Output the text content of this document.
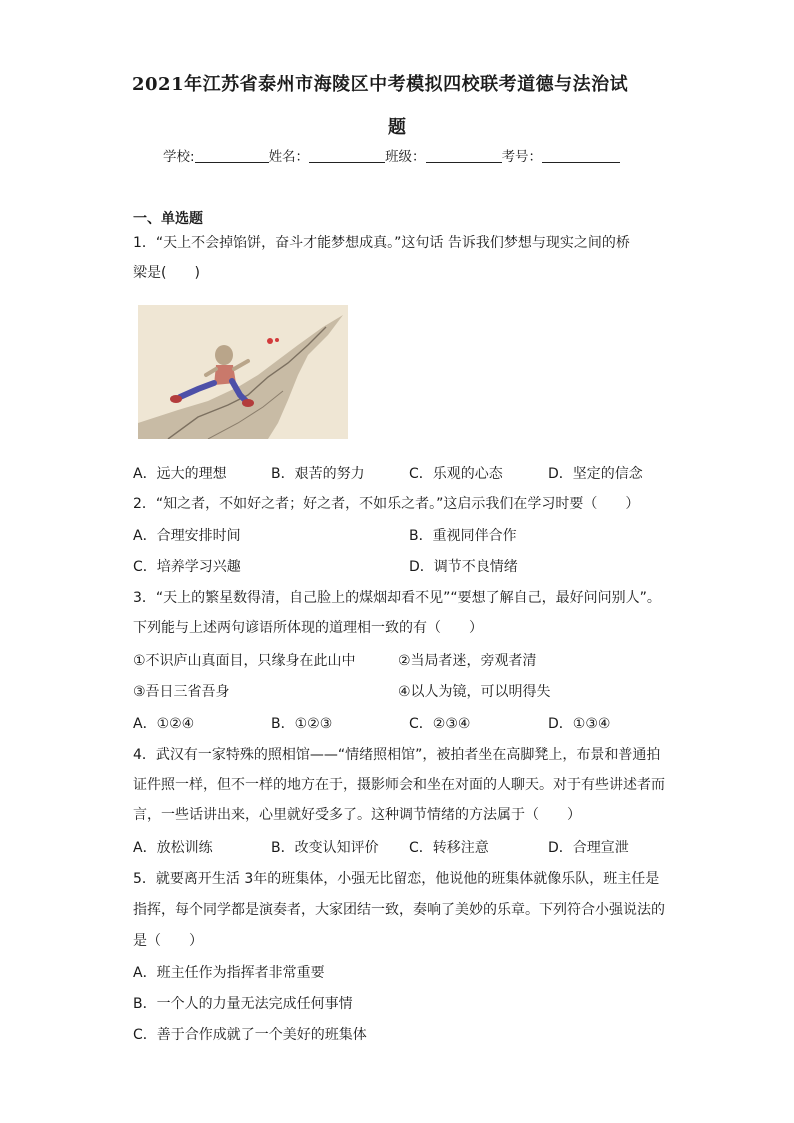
2021年江苏省泰州市海陵区中考模拟四校联考道德与法治试
题
学校:	姓名：	班级：	考号：
一、单选题
1．“天上不会掉馅饼，奋斗才能梦想成真。”这句话 告诉我们梦想与现实之间的桥
梁是(　　)
A．远大的理想	B．艰苦的努力	C．乐观的心态	D．坚定的信念
2．“知之者，不如好之者；好之者，不如乐之者。”这启示我们在学习时要（　　）
A．合理安排时间	B．重视同伴合作
C．培养学习兴趣	D．调节不良情绪
3．“天上的繁星数得清，自己脸上的煤烟却看不见”“要想了解自己，最好问问别人”。
下列能与上述两句谚语所体现的道理相一致的有（　　）
①不识庐山真面目，只缘身在此山中	②当局者迷，旁观者清
③吾日三省吾身	④以人为镜，可以明得失
A．①②④	B．①②③	C．②③④	D．①③④
4．武汉有一家特殊的照相馆——“情绪照相馆”，被拍者坐在高脚凳上，布景和普通拍
证件照一样，但不一样的地方在于，摄影师会和坐在对面的人聊天。对于有些讲述者而
言，一些话讲出来，心里就好受多了。这种调节情绪的方法属于（　　）
A．放松训练	B．改变认知评价 C．转移注意	D．合理宣泄
5．就要离开生活 3年的班集体，小强无比留恋，他说他的班集体就像乐队，班主任是
指挥，每个同学都是演奏者，大家团结一致，奏响了美妙的乐章。下列符合小强说法的
是（　　）
A．班主任作为指挥者非常重要
B．一个人的力量无法完成任何事情
C．善于合作成就了一个美好的班集体
